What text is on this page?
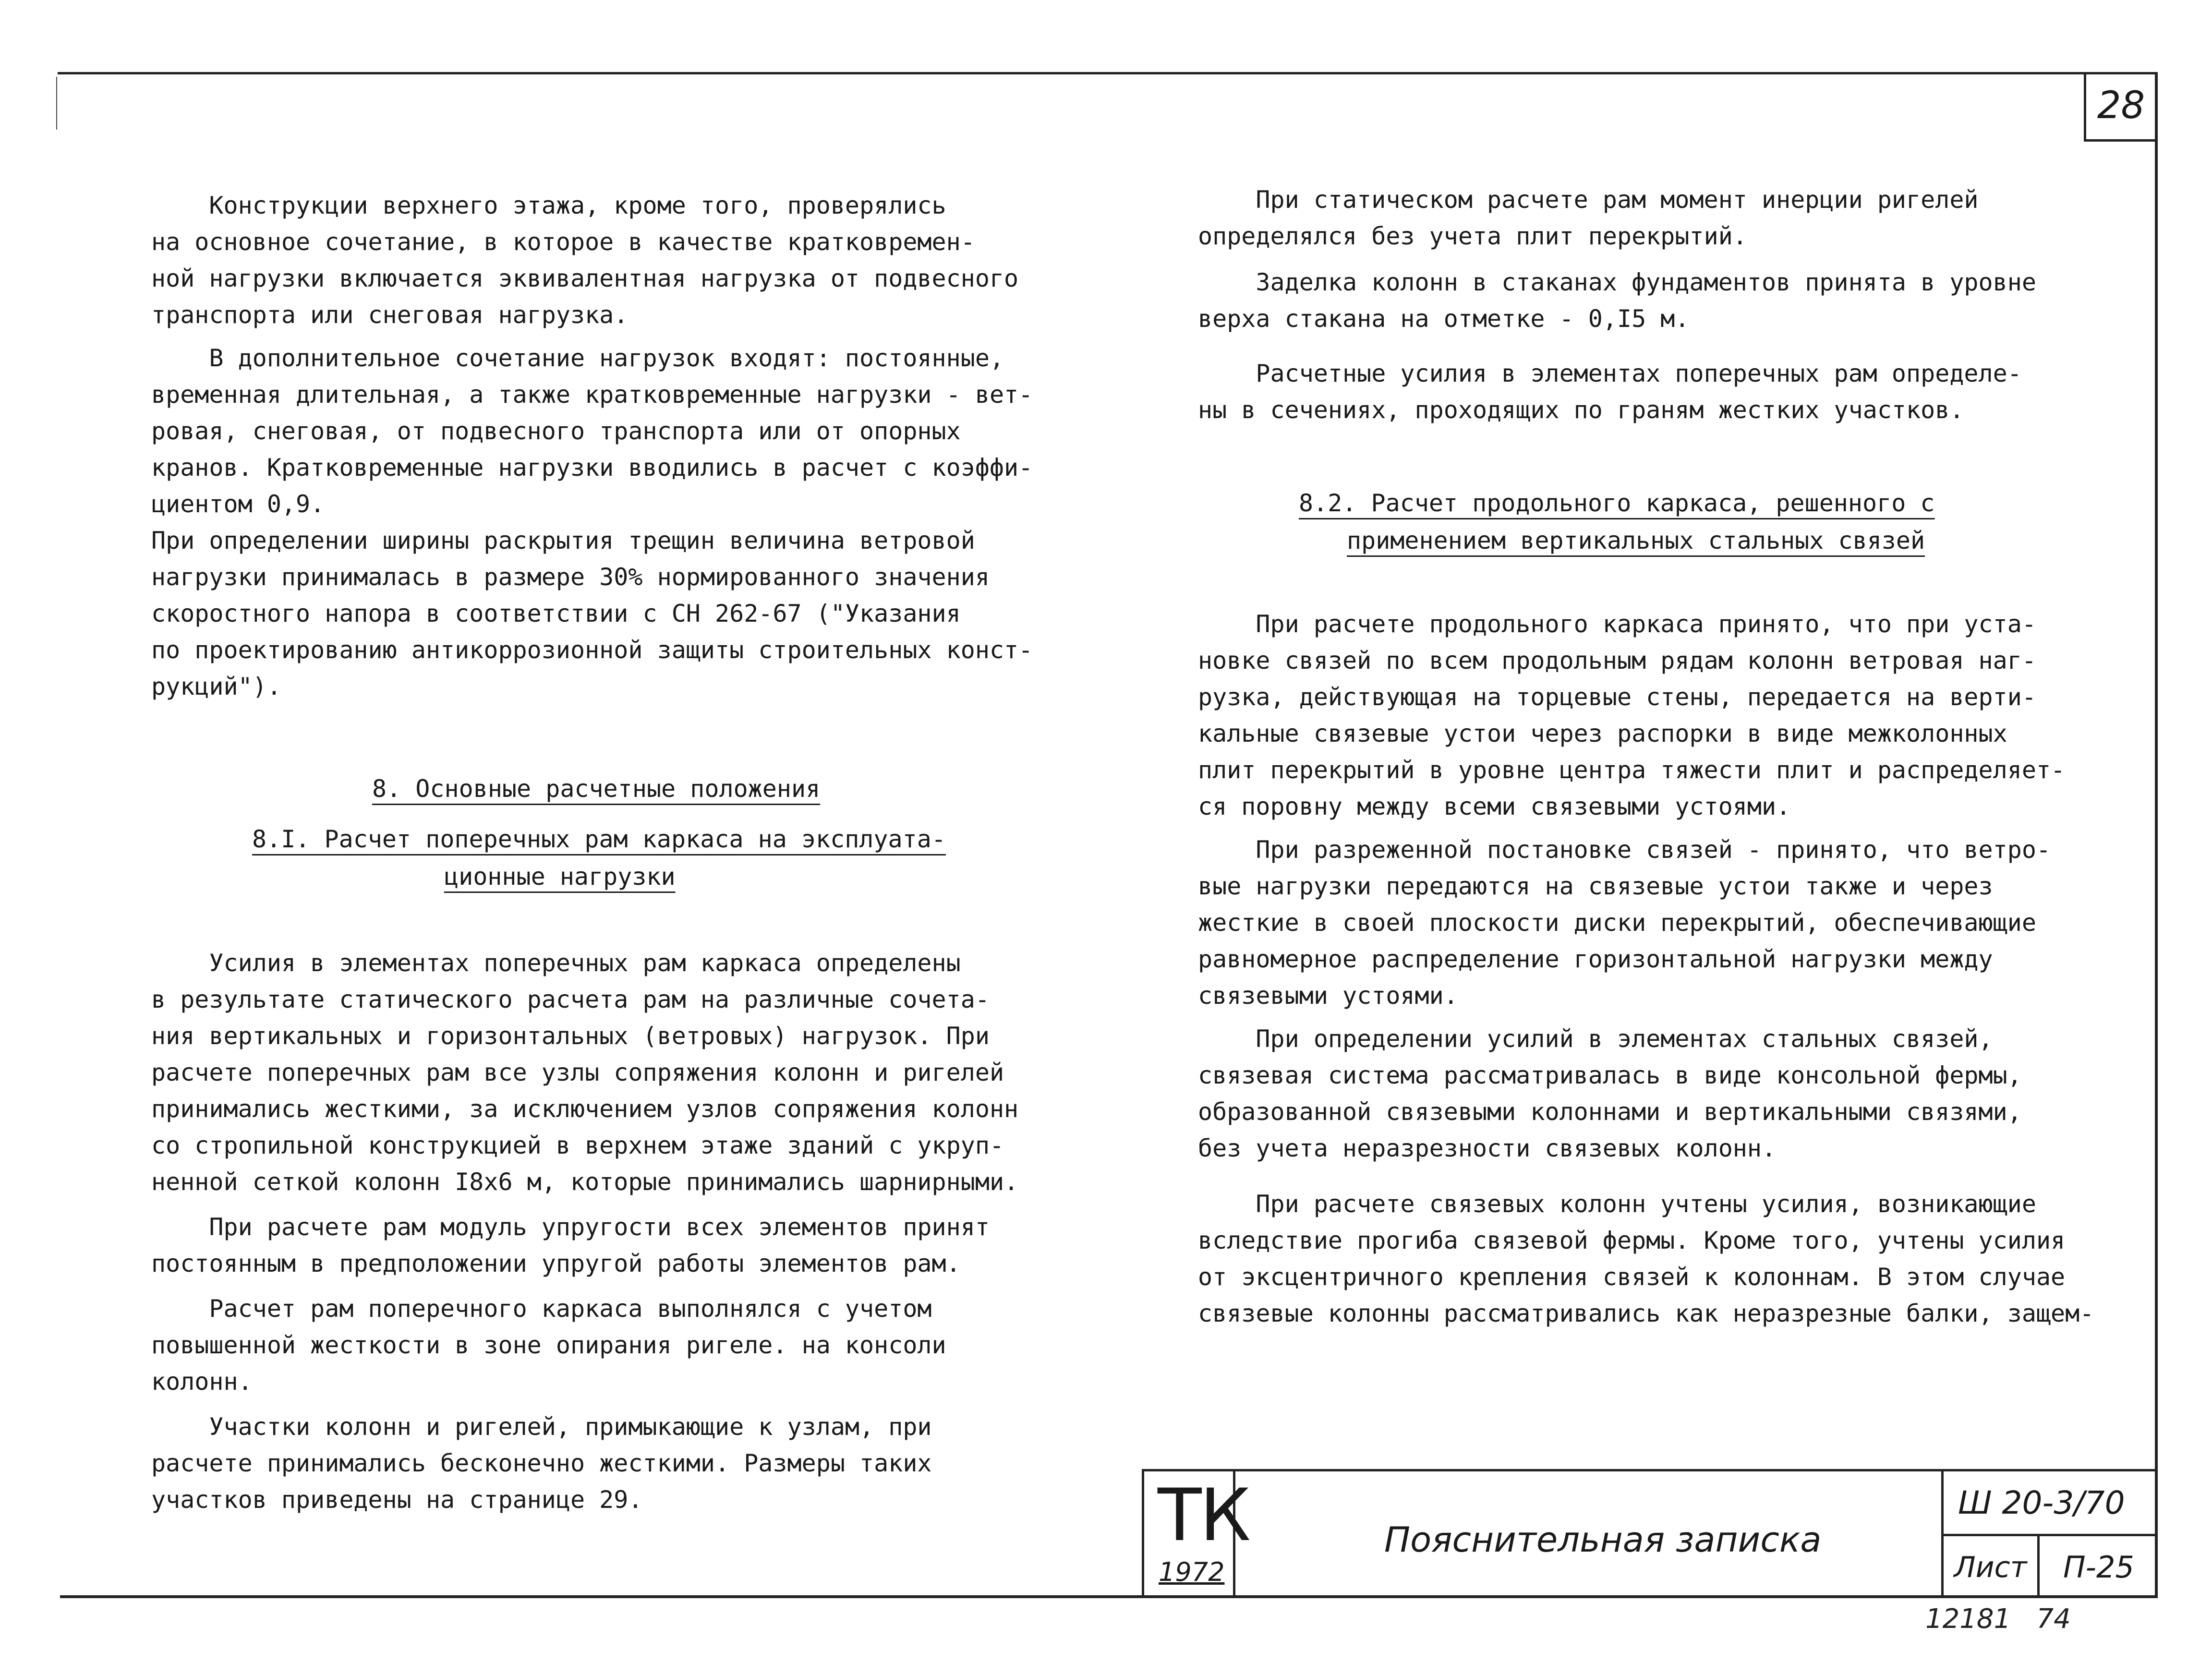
28
Конструкции верхнего этажа, кроме того, проверялись
на основное сочетание, в которое в качестве кратковремен-
ной нагрузки включается эквивалентная нагрузка от подвесного
транспорта или снеговая нагрузка.
В дополнительное сочетание нагрузок входят: постоянные,
временная длительная, а также кратковременные нагрузки - вет-
ровая, снеговая, от подвесного транспорта или от опорных
кранов. Кратковременные нагрузки вводились в расчет с коэффи-
циентом 0,9.
При определении ширины раскрытия трещин величина ветровой
нагрузки принималась в размере 30% нормированного значения
скоростного напора в соответствии с СН 262-67 ("Указания
по проектированию антикоррозионной защиты строительных конст-
рукций").
8. Основные расчетные положения
8.I. Расчет поперечных рам каркаса на эксплуата-
ционные нагрузки
Усилия в элементах поперечных рам каркаса определены
в результате статического расчета рам на различные сочета-
ния вертикальных и горизонтальных (ветровых) нагрузок. При
расчете поперечных рам все узлы сопряжения колонн и ригелей
принимались жесткими, за исключением узлов сопряжения колонн
со стропильной конструкцией в верхнем этаже зданий с укруп-
ненной сеткой колонн I8x6 м, которые принимались шарнирными.
При расчете рам модуль упругости всех элементов принят
постоянным в предположении упругой работы элементов рам.
Расчет рам поперечного каркаса выполнялся с учетом
повышенной жесткости в зоне опирания ригеле. на консоли
колонн.
Участки колонн и ригелей, примыкающие к узлам, при
расчете принимались бесконечно жесткими. Размеры таких
участков приведены на странице 29.
При статическом расчете рам момент инерции ригелей
определялся без учета плит перекрытий.
Заделка колонн в стаканах фундаментов принята в уровне
верха стакана на отметке - 0,I5 м.
Расчетные усилия в элементах поперечных рам определе-
ны в сечениях, проходящих по граням жестких участков.
8.2. Расчет продольного каркаса, решенного с
применением вертикальных стальных связей
При расчете продольного каркаса принято, что при уста-
новке связей по всем продольным рядам колонн ветровая наг-
рузка, действующая на торцевые стены, передается на верти-
кальные связевые устои через распорки в виде межколонных
плит перекрытий в уровне центра тяжести плит и распределяет-
ся поровну между всеми связевыми устоями.
При разреженной постановке связей - принято, что ветро-
вые нагрузки передаются на связевые устои также и через
жесткие в своей плоскости диски перекрытий, обеспечивающие
равномерное распределение горизонтальной нагрузки между
связевыми устоями.
При определении усилий в элементах стальных связей,
связевая система рассматривалась в виде консольной фермы,
образованной связевыми колоннами и вертикальными связями,
без учета неразрезности связевых колонн.
При расчете связевых колонн учтены усилия, возникающие
вследствие прогиба связевой фермы. Кроме того, учтены усилия
от эксцентричного крепления связей к колоннам. В этом случае
связевые колонны рассматривались как неразрезные балки, защем-
ТК
1972
Пояснительная записка
Ш 20-3/70
Лист	П-25
12181   74
